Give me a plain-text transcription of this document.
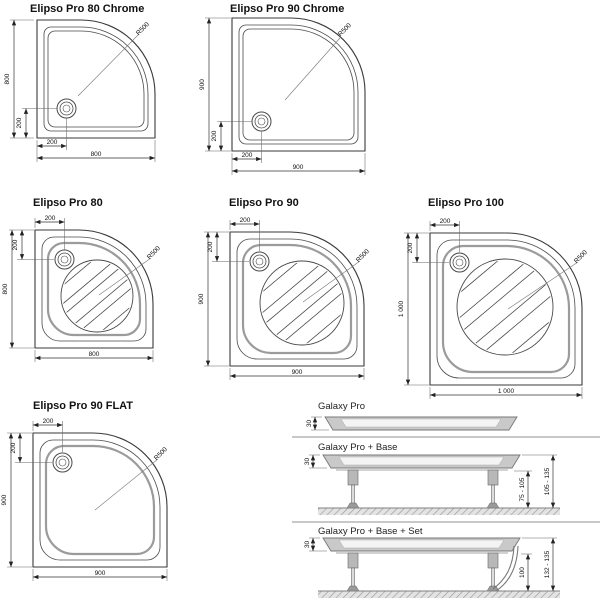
Elipso Pro 80 Chrome
R500
800
200
200
800
Elipso Pro 90 Chrome
R500
900
200
200
900
Elipso Pro 80
R500
200
200
800
800
Elipso Pro 90
R500
200
200
900
900
Elipso Pro 100
R500
200
200
1 000
1 000
Elipso Pro 90 FLAT
R500
200
200
900
900
Galaxy Pro
30
Galaxy Pro + Base
30
75 - 105	105 - 135
Galaxy Pro + Base + Set
30
100	132 - 135
